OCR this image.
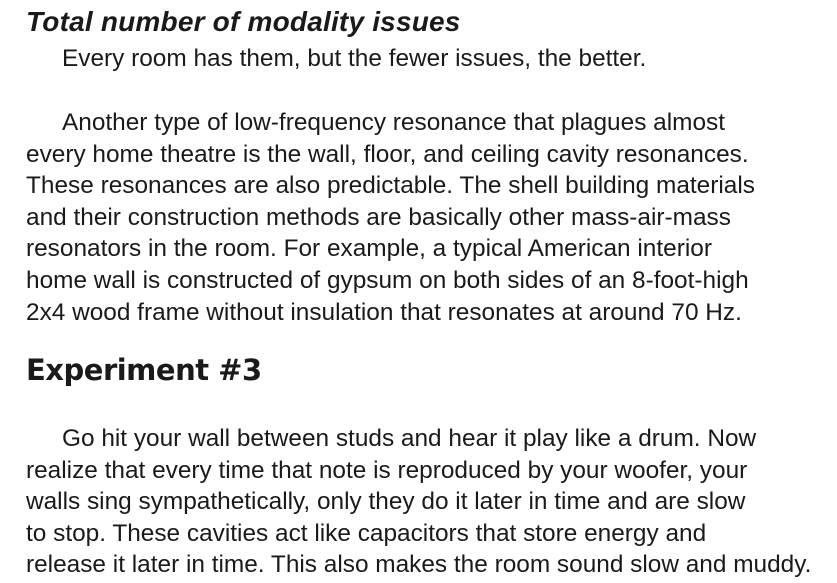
Total number of modality issues

Every room has them, but the fewer issues, the better.

Another type of low-frequency resonance that plagues almost
every home theatre is the wall, floor, and ceiling cavity resonances.
These resonances are also predictable. The shell building materials
and their construction methods are basically other mass-air-mass
resonators in the room. For example, a typical American interior
home wall is constructed of gypsum on both sides of an 8-foot-high
2x4 wood frame without insulation that resonates at around 70 Hz.

Experiment #3

Go hit your wall between studs and hear it play like a drum. Now
realize that every time that note is reproduced by your woofer, your
walls sing sympathetically, only they do it later in time and are slow
to stop. These cavities act like capacitors that store energy and
release it later in time. This also makes the room sound slow and muddy.
